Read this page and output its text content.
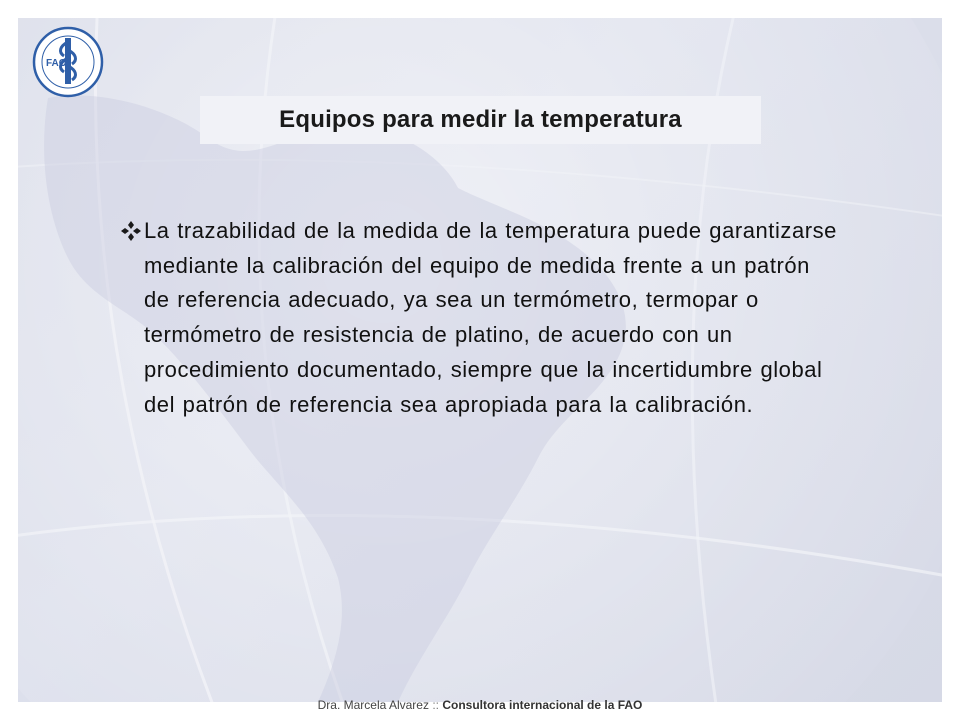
FAO
Equipos para medir la temperatura
La trazabilidad de la medida de la temperatura puede garantizarse mediante la calibración del equipo de medida frente a un patrón de referencia adecuado, ya sea un termómetro, termopar o termómetro de resistencia de platino, de acuerdo con un procedimiento documentado, siempre que la incertidumbre global del patrón de referencia sea apropiada para la calibración.
Dra. Marcela Alvarez :: Consultora internacional de la FAO
